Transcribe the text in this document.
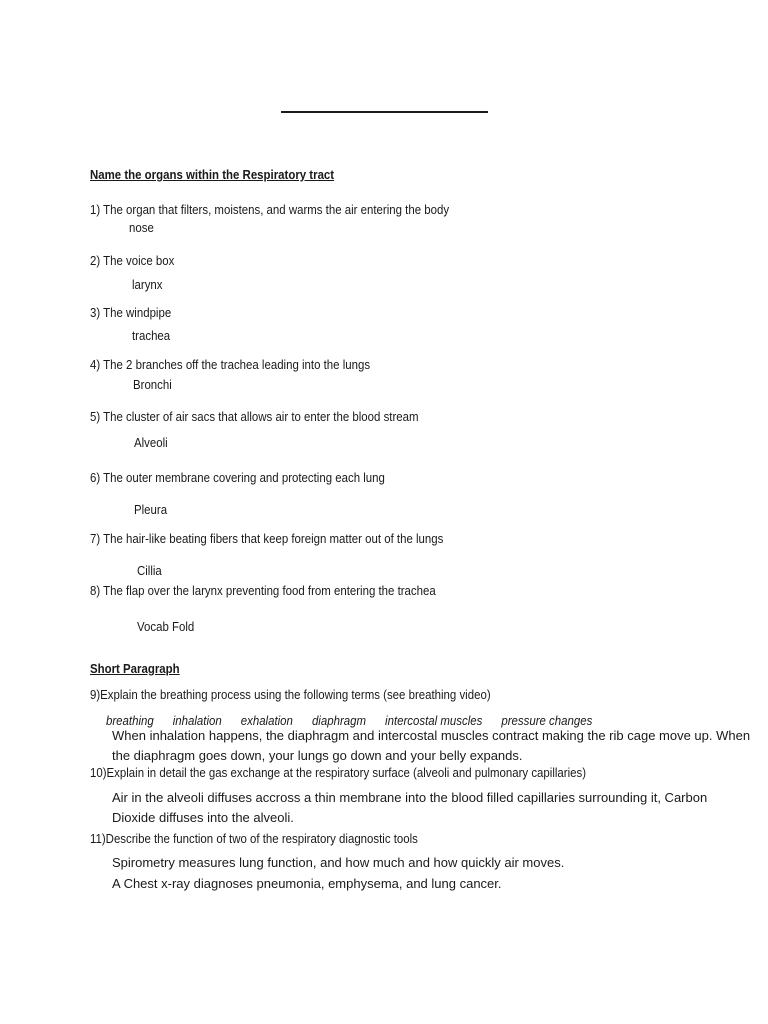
Name the organs within the Respiratory tract
1) The organ that filters, moistens, and warms the air entering the body
nose
2) The voice box
larynx
3) The windpipe
trachea
4) The 2 branches off the trachea leading into the lungs
Bronchi
5) The cluster of air sacs that allows air to enter the blood stream
Alveoli
6) The outer membrane covering and protecting each lung
Pleura
7) The hair-like beating fibers that keep foreign matter out of the lungs
Cillia
8) The flap over the larynx preventing food from entering the trachea
Vocab Fold
Short Paragraph
9)Explain the breathing process using the following terms (see breathing video)
breathing inhalation exhalation diaphragm intercostal muscles pressure changes
When inhalation happens, the diaphragm and intercostal muscles contract making the rib cage move up. When the diaphragm goes down, your lungs go down and your belly expands.
10)Explain in detail the gas exchange at the respiratory surface (alveoli and pulmonary capillaries)
Air in the alveoli diffuses accross a thin membrane into the blood filled capillaries surrounding it, Carbon Dioxide diffuses into the alveoli.
11)Describe the function of two of the respiratory diagnostic tools
Spirometry measures lung function, and how much and how quickly air moves.
A Chest x-ray diagnoses pneumonia, emphysema, and lung cancer.
